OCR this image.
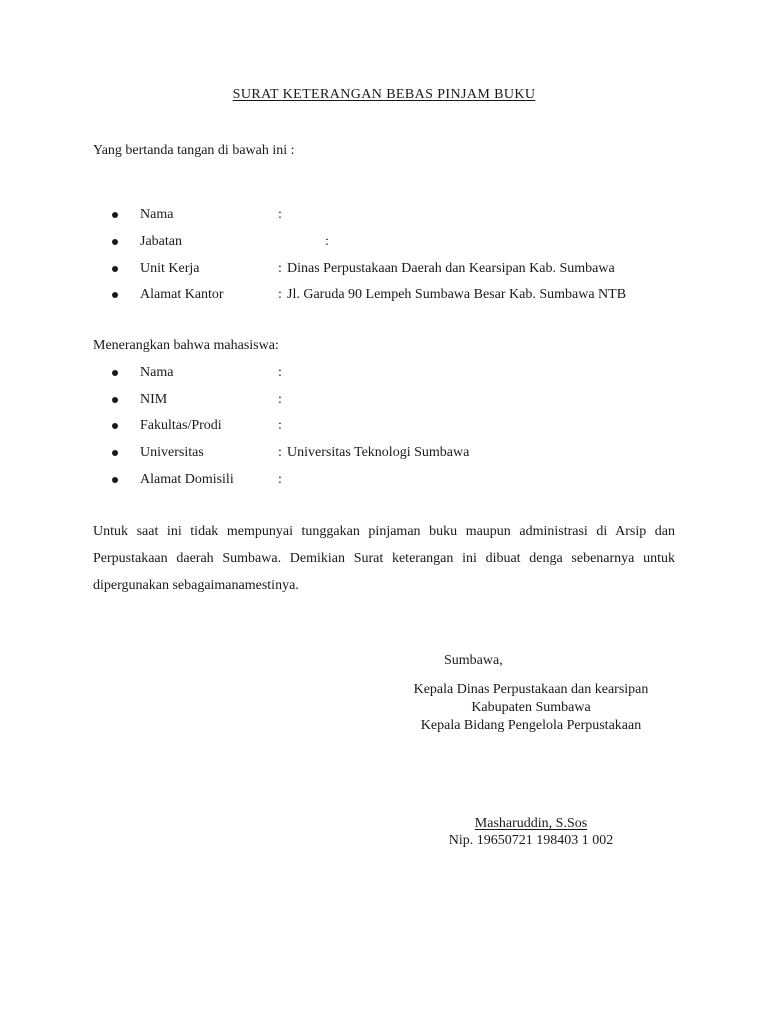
SURAT KETERANGAN BEBAS PINJAM BUKU
Yang bertanda tangan di bawah ini :
Nama	:
Jabatan	:
Unit Kerja	: Dinas Perpustakaan Daerah dan Kearsipan Kab. Sumbawa
Alamat Kantor	: Jl. Garuda 90 Lempeh Sumbawa Besar Kab. Sumbawa NTB
Menerangkan bahwa mahasiswa:
Nama	:
NIM	:
Fakultas/Prodi	:
Universitas	: Universitas Teknologi Sumbawa
Alamat Domisili	:
Untuk saat ini tidak mempunyai tunggakan pinjaman buku maupun administrasi di Arsip dan Perpustakaan daerah Sumbawa. Demikian Surat keterangan ini dibuat denga sebenarnya untuk dipergunakan sebagaimanamestinya.
Sumbawa,
Kepala Dinas Perpustakaan dan kearsipan
Kabupaten Sumbawa
Kepala Bidang Pengelola Perpustakaan
Masharuddin, S.Sos
Nip. 19650721 198403 1 002
